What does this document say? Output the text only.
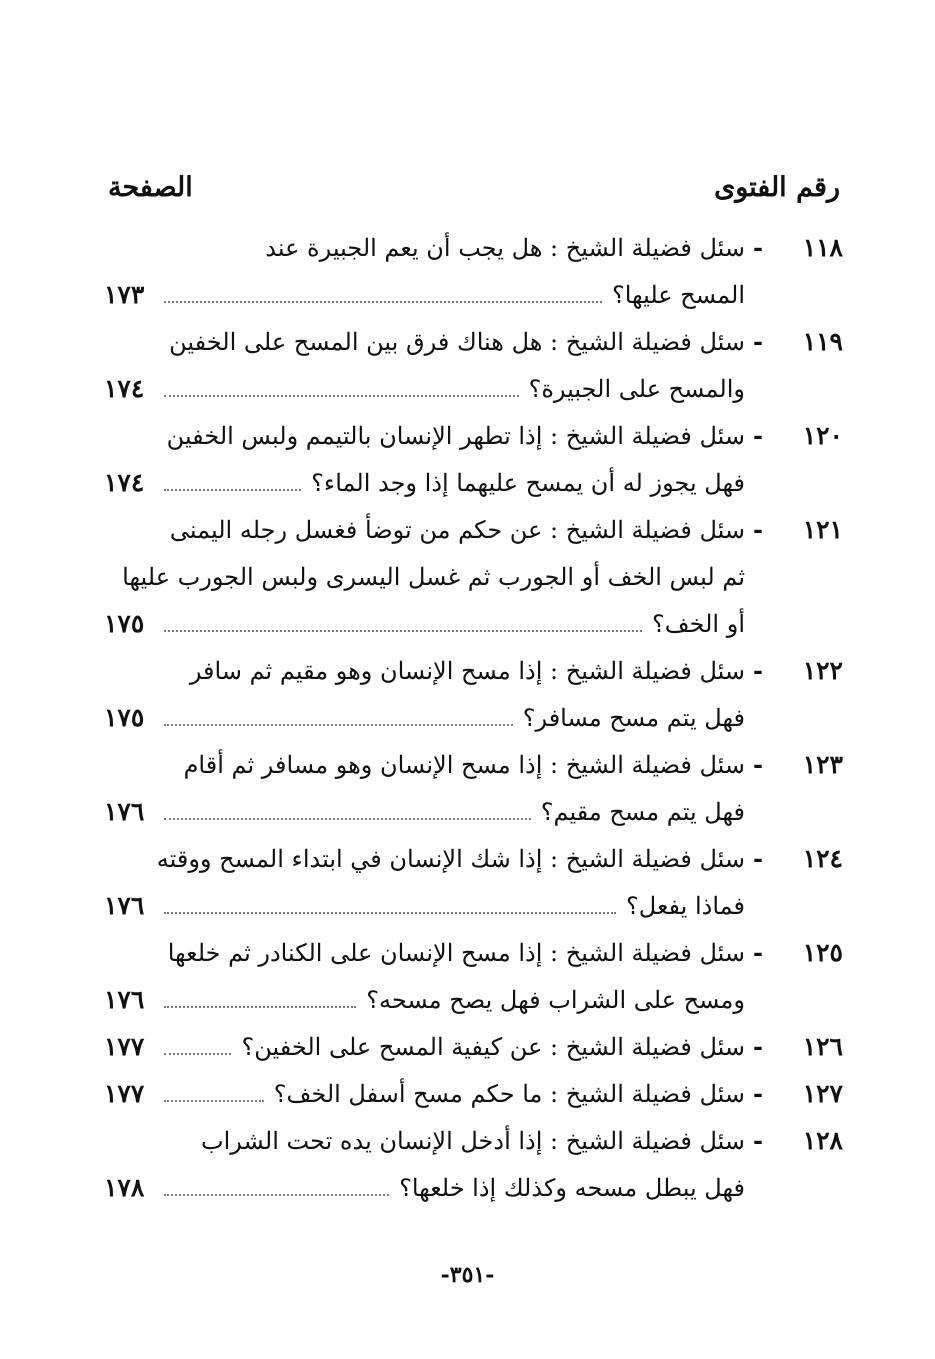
رقم الفتوى
الصفحة
١١٨
-
سئل فضيلة الشيخ : هل يجب أن يعم الجبيرة عند
المسح عليها؟
١٧٣
١١٩
-
سئل فضيلة الشيخ : هل هناك فرق بين المسح على الخفين
والمسح على الجبيرة؟
١٧٤
١٢٠
-
سئل فضيلة الشيخ : إذا تطهر الإنسان بالتيمم ولبس الخفين
فهل يجوز له أن يمسح عليهما إذا وجد الماء؟
١٧٤
١٢١
-
سئل فضيلة الشيخ : عن حكم من توضأ فغسل رجله اليمنى
ثم لبس الخف أو الجورب ثم غسل اليسرى ولبس الجورب عليها
أو الخف؟
١٧٥
١٢٢
-
سئل فضيلة الشيخ : إذا مسح الإنسان وهو مقيم ثم سافر
فهل يتم مسح مسافر؟
١٧٥
١٢٣
-
سئل فضيلة الشيخ : إذا مسح الإنسان وهو مسافر ثم أقام
فهل يتم مسح مقيم؟
١٧٦
١٢٤
-
سئل فضيلة الشيخ : إذا شك الإنسان في ابتداء المسح ووقته
فماذا يفعل؟
١٧٦
١٢٥
-
سئل فضيلة الشيخ : إذا مسح الإنسان على الكنادر ثم خلعها
ومسح على الشراب فهل يصح مسحه؟
١٧٦
١٢٦
-
سئل فضيلة الشيخ : عن كيفية المسح على الخفين؟
١٧٧
١٢٧
-
سئل فضيلة الشيخ : ما حكم مسح أسفل الخف؟
١٧٧
١٢٨
-
سئل فضيلة الشيخ : إذا أدخل الإنسان يده تحت الشراب
فهل يبطل مسحه وكذلك إذا خلعها؟
١٧٨
-٣٥١-
